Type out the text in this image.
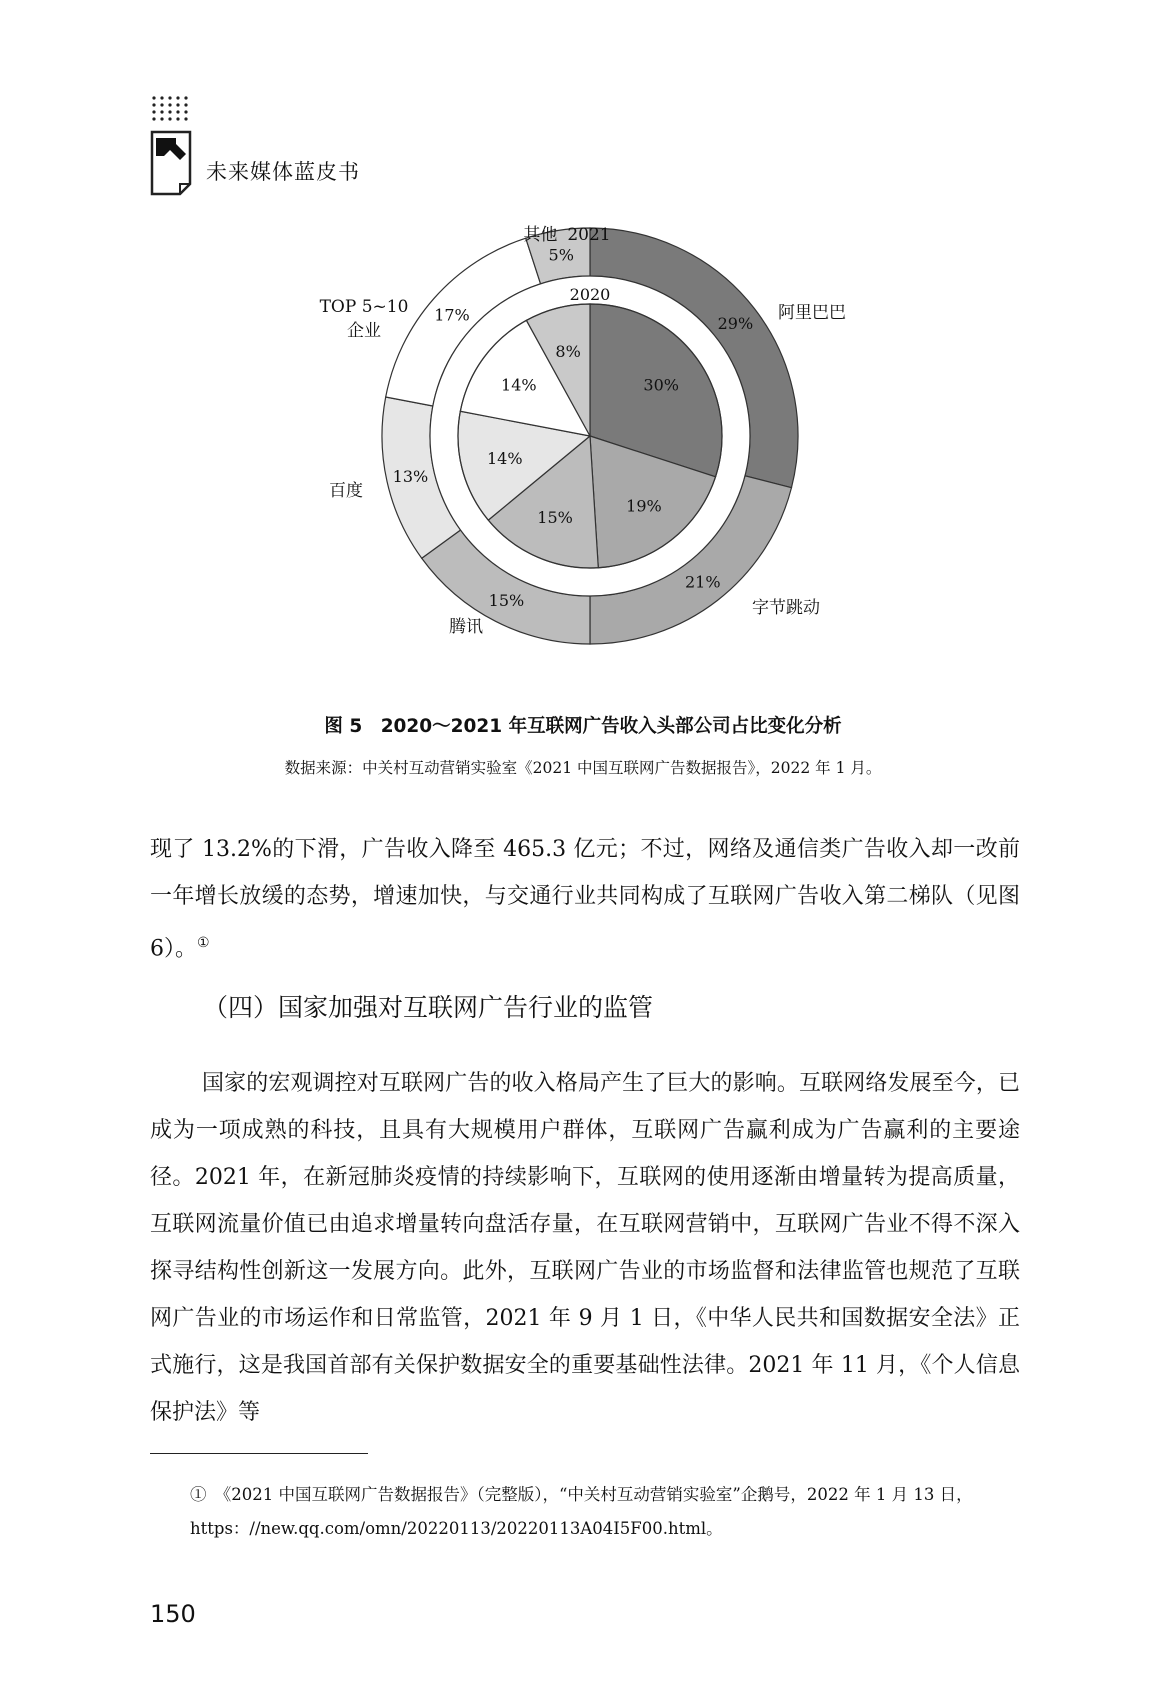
未来媒体蓝皮书
29%
21%
15%
13%
17%
5%
30%
19%
15%
14%
14%
8%
阿里巴巴
字节跳动
腾讯
百度
TOP 5~10
企业
其他 2021
2020
图 5　2020～2021 年互联网广告收入头部公司占比变化分析
数据来源：中关村互动营销实验室《2021 中国互联网广告数据报告》，2022 年 1 月。

现了 13.2%的下滑，广告收入降至 465.3 亿元；不过，网络及通信类广告收入却一改前一年增长放缓的态势，增速加快，与交通行业共同构成了互联网广告收入第二梯队（见图 6）。①

（四）国家加强对互联网广告行业的监管

国家的宏观调控对互联网广告的收入格局产生了巨大的影响。互联网络发展至今，已成为一项成熟的科技，且具有大规模用户群体，互联网广告赢利成为广告赢利的主要途径。2021 年，在新冠肺炎疫情的持续影响下，互联网的使用逐渐由增量转为提高质量，互联网流量价值已由追求增量转向盘活存量，在互联网营销中，互联网广告业不得不深入探寻结构性创新这一发展方向。此外，互联网广告业的市场监督和法律监管也规范了互联网广告业的市场运作和日常监管，2021 年 9 月 1 日，《中华人民共和国数据安全法》正式施行，这是我国首部有关保护数据安全的重要基础性法律。2021 年 11 月，《个人信息保护法》等

①　《2021 中国互联网广告数据报告》（完整版），“中关村互动营销实验室”企鹅号，2022 年 1 月 13 日，https：//new.qq.com/omn/20220113/20220113A04I5F00.html。

150
